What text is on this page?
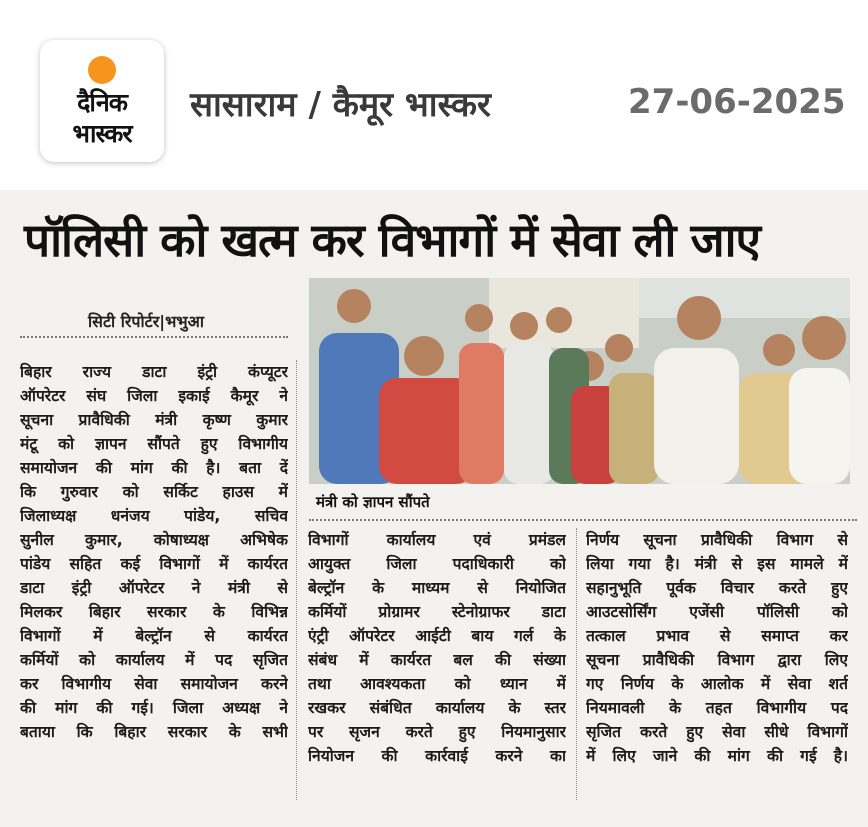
दैनिक
भास्कर
सासाराम / कैमूर भास्कर	27-06-2025
पॉलिसी को खत्म कर विभागों में सेवा ली जाए
सिटी रिपोर्टर|भभुआ
मंत्री को ज्ञापन सौंपते
बिहार राज्य डाटा इंट्री कंप्यूटर
ऑपरेटर संघ जिला इकाई कैमूर ने
सूचना प्रावैधिकी मंत्री कृष्ण कुमार
मंटू को ज्ञापन सौंपते हुए विभागीय
समायोजन की मांग की है। बता दें
कि गुरुवार को सर्किट हाउस में
जिलाध्यक्ष धनंजय पांडेय, सचिव
सुनील कुमार, कोषाध्यक्ष अभिषेक
पांडेय सहित कई विभागों में कार्यरत
डाटा इंट्री ऑपरेटर ने मंत्री से
मिलकर बिहार सरकार के विभिन्न
विभागों में बेल्ट्रॉन से कार्यरत
कर्मियों को कार्यालय में पद सृजित
कर विभागीय सेवा समायोजन करने
की मांग की गई। जिला अध्यक्ष ने
बताया कि बिहार सरकार के सभी
विभागों कार्यालय एवं प्रमंडल
आयुक्त जिला पदाधिकारी को
बेल्ट्रॉन के माध्यम से नियोजित
कर्मियों प्रोग्रामर स्टेनोग्राफर डाटा
एंट्री ऑपरेटर आईटी बाय गर्ल के
संबंध में कार्यरत बल की संख्या
तथा आवश्यकता को ध्यान में
रखकर संबंधित कार्यालय के स्तर
पर सृजन करते हुए नियमानुसार
नियोजन की कार्रवाई करने का
निर्णय सूचना प्रावैधिकी विभाग से
लिया गया है। मंत्री से इस मामले में
सहानुभूति पूर्वक विचार करते हुए
आउटसोर्सिंग एजेंसी पॉलिसी को
तत्काल प्रभाव से समाप्त कर
सूचना प्रावैधिकी विभाग द्वारा लिए
गए निर्णय के आलोक में सेवा शर्त
नियमावली के तहत विभागीय पद
सृजित करते हुए सेवा सीधे विभागों
में लिए जाने की मांग की गई है।
